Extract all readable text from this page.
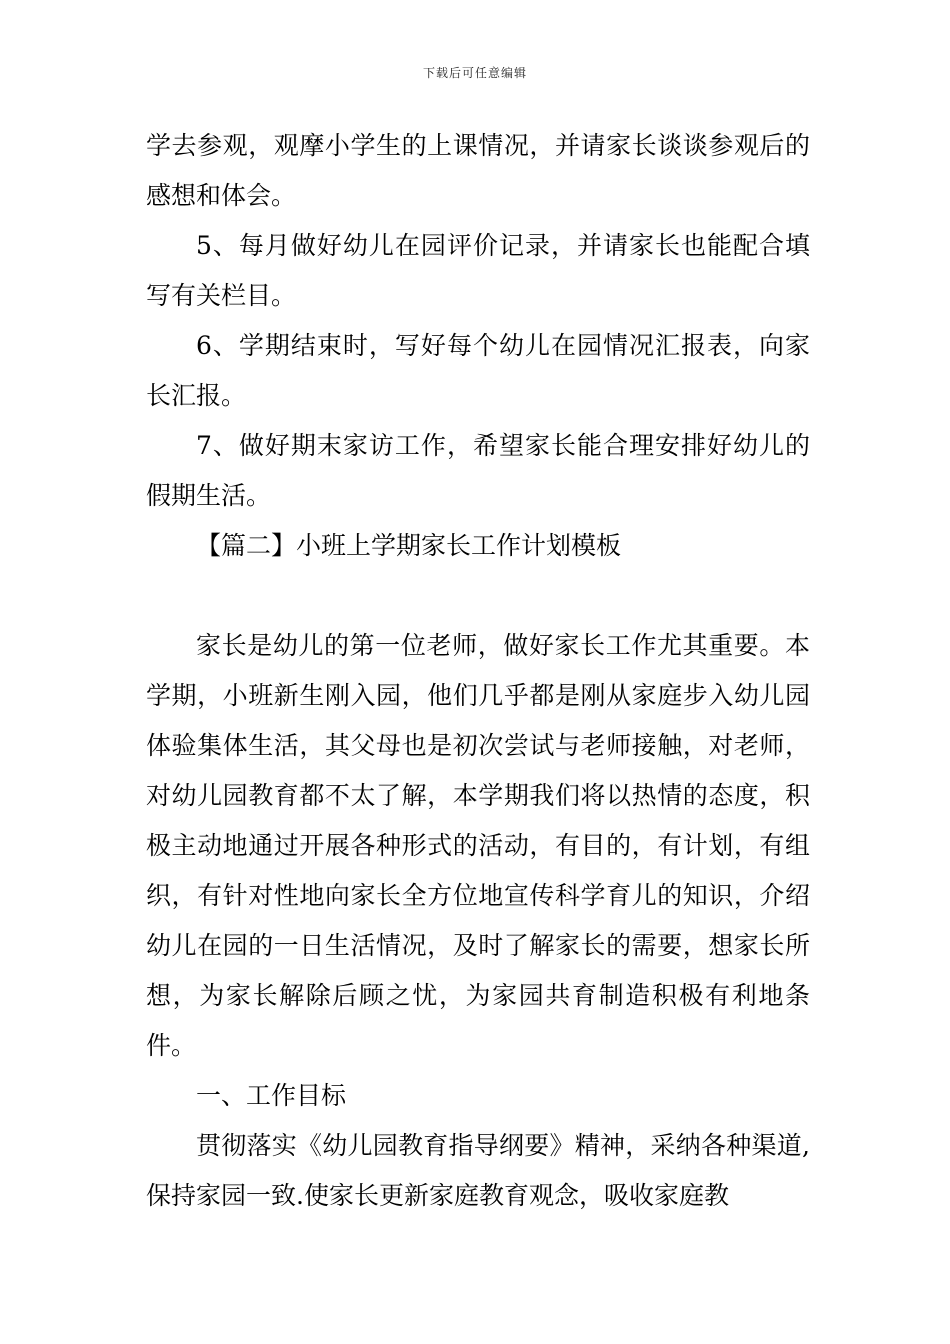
下载后可任意编辑

学去参观，观摩小学生的上课情况，并请家长谈谈参观后的感想和体会。

5、每月做好幼儿在园评价记录，并请家长也能配合填写有关栏目。

6、学期结束时，写好每个幼儿在园情况汇报表，向家长汇报。

7、做好期末家访工作，希望家长能合理安排好幼儿的假期生活。

【篇二】小班上学期家长工作计划模板

家长是幼儿的第一位老师，做好家长工作尤其重要。本学期，小班新生刚入园，他们几乎都是刚从家庭步入幼儿园体验集体生活，其父母也是初次尝试与老师接触，对老师，对幼儿园教育都不太了解，本学期我们将以热情的态度，积极主动地通过开展各种形式的活动，有目的，有计划，有组织，有针对性地向家长全方位地宣传科学育儿的知识，介绍幼儿在园的一日生活情况，及时了解家长的需要，想家长所想，为家长解除后顾之忧，为家园共育制造积极有利地条件。

一、工作目标

贯彻落实《幼儿园教育指导纲要》精神，采纳各种渠道,保持家园一致.使家长更新家庭教育观念，吸收家庭教
